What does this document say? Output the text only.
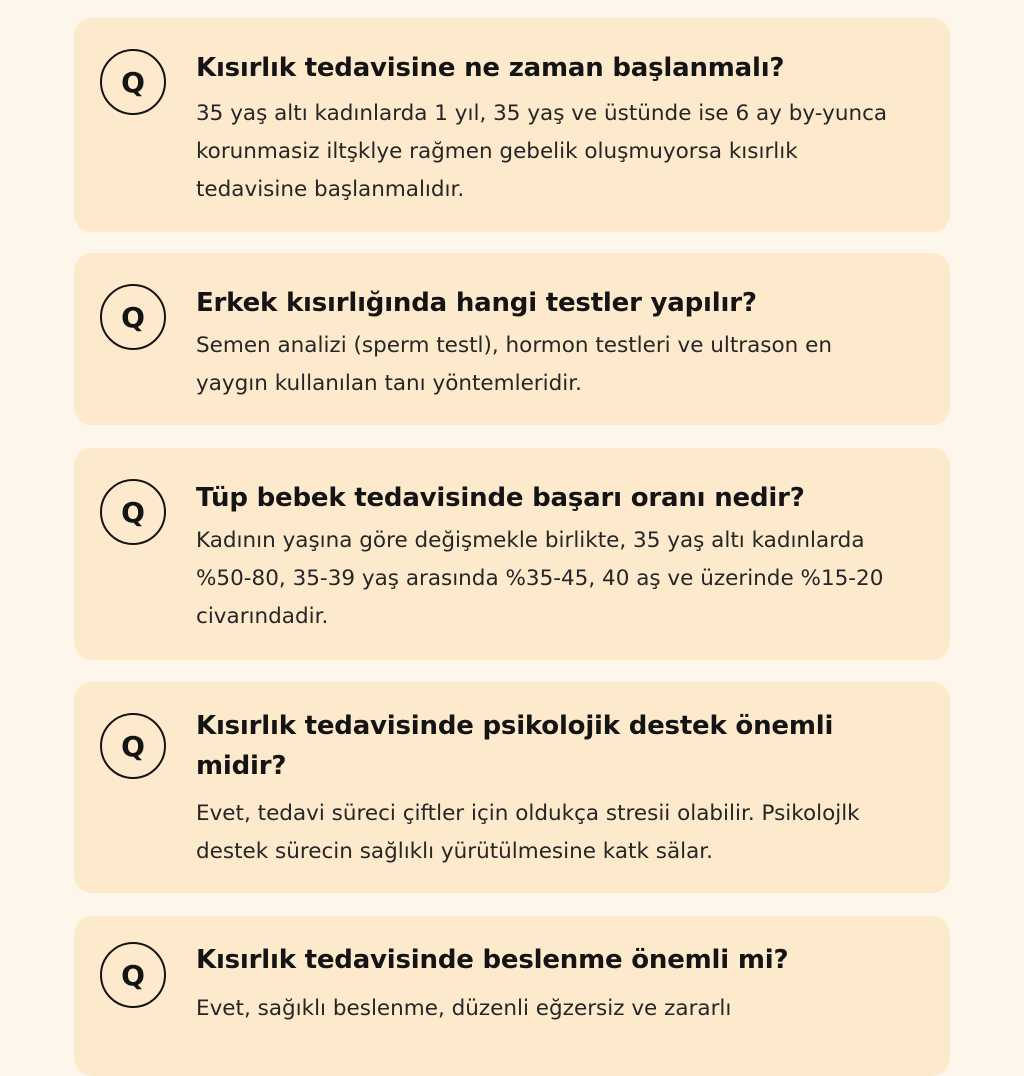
Q	Kısırlık tedavisine ne zaman başlanmalı?

35 yaş altı kadınlarda 1 yıl, 35 yaş ve üstünde ise 6 ay by-yunca korunmasiz iltşklye rağmen gebelik oluşmuyorsa kısırlık tedavisine başlanmalıdır.

Q	Erkek kısırlığında hangi testler yapılır?

Semen analizi (sperm testl), hormon testleri ve ultrason en yaygın kullanılan tanı yöntemleridir.

Q	Tüp bebek tedavisinde başarı oranı nedir?

Kadının yaşına göre değişmekle birlikte, 35 yaş altı kadınlarda %50-80, 35-39 yaş arasında %35-45, 40 aş ve üzerinde %15-20 civarındadir.

Q
Kısırlık tedavisinde psikolojik destek önemli midir?

Evet, tedavi süreci çiftler için oldukça stresii olabilir. Psikolojlk destek sürecin sağlıklı yürütülmesine katk sälar.

Q	Kısırlık tedavisinde beslenme önemli mi?

Evet, sağıklı beslenme, düzenli eğzersiz ve zararlı
